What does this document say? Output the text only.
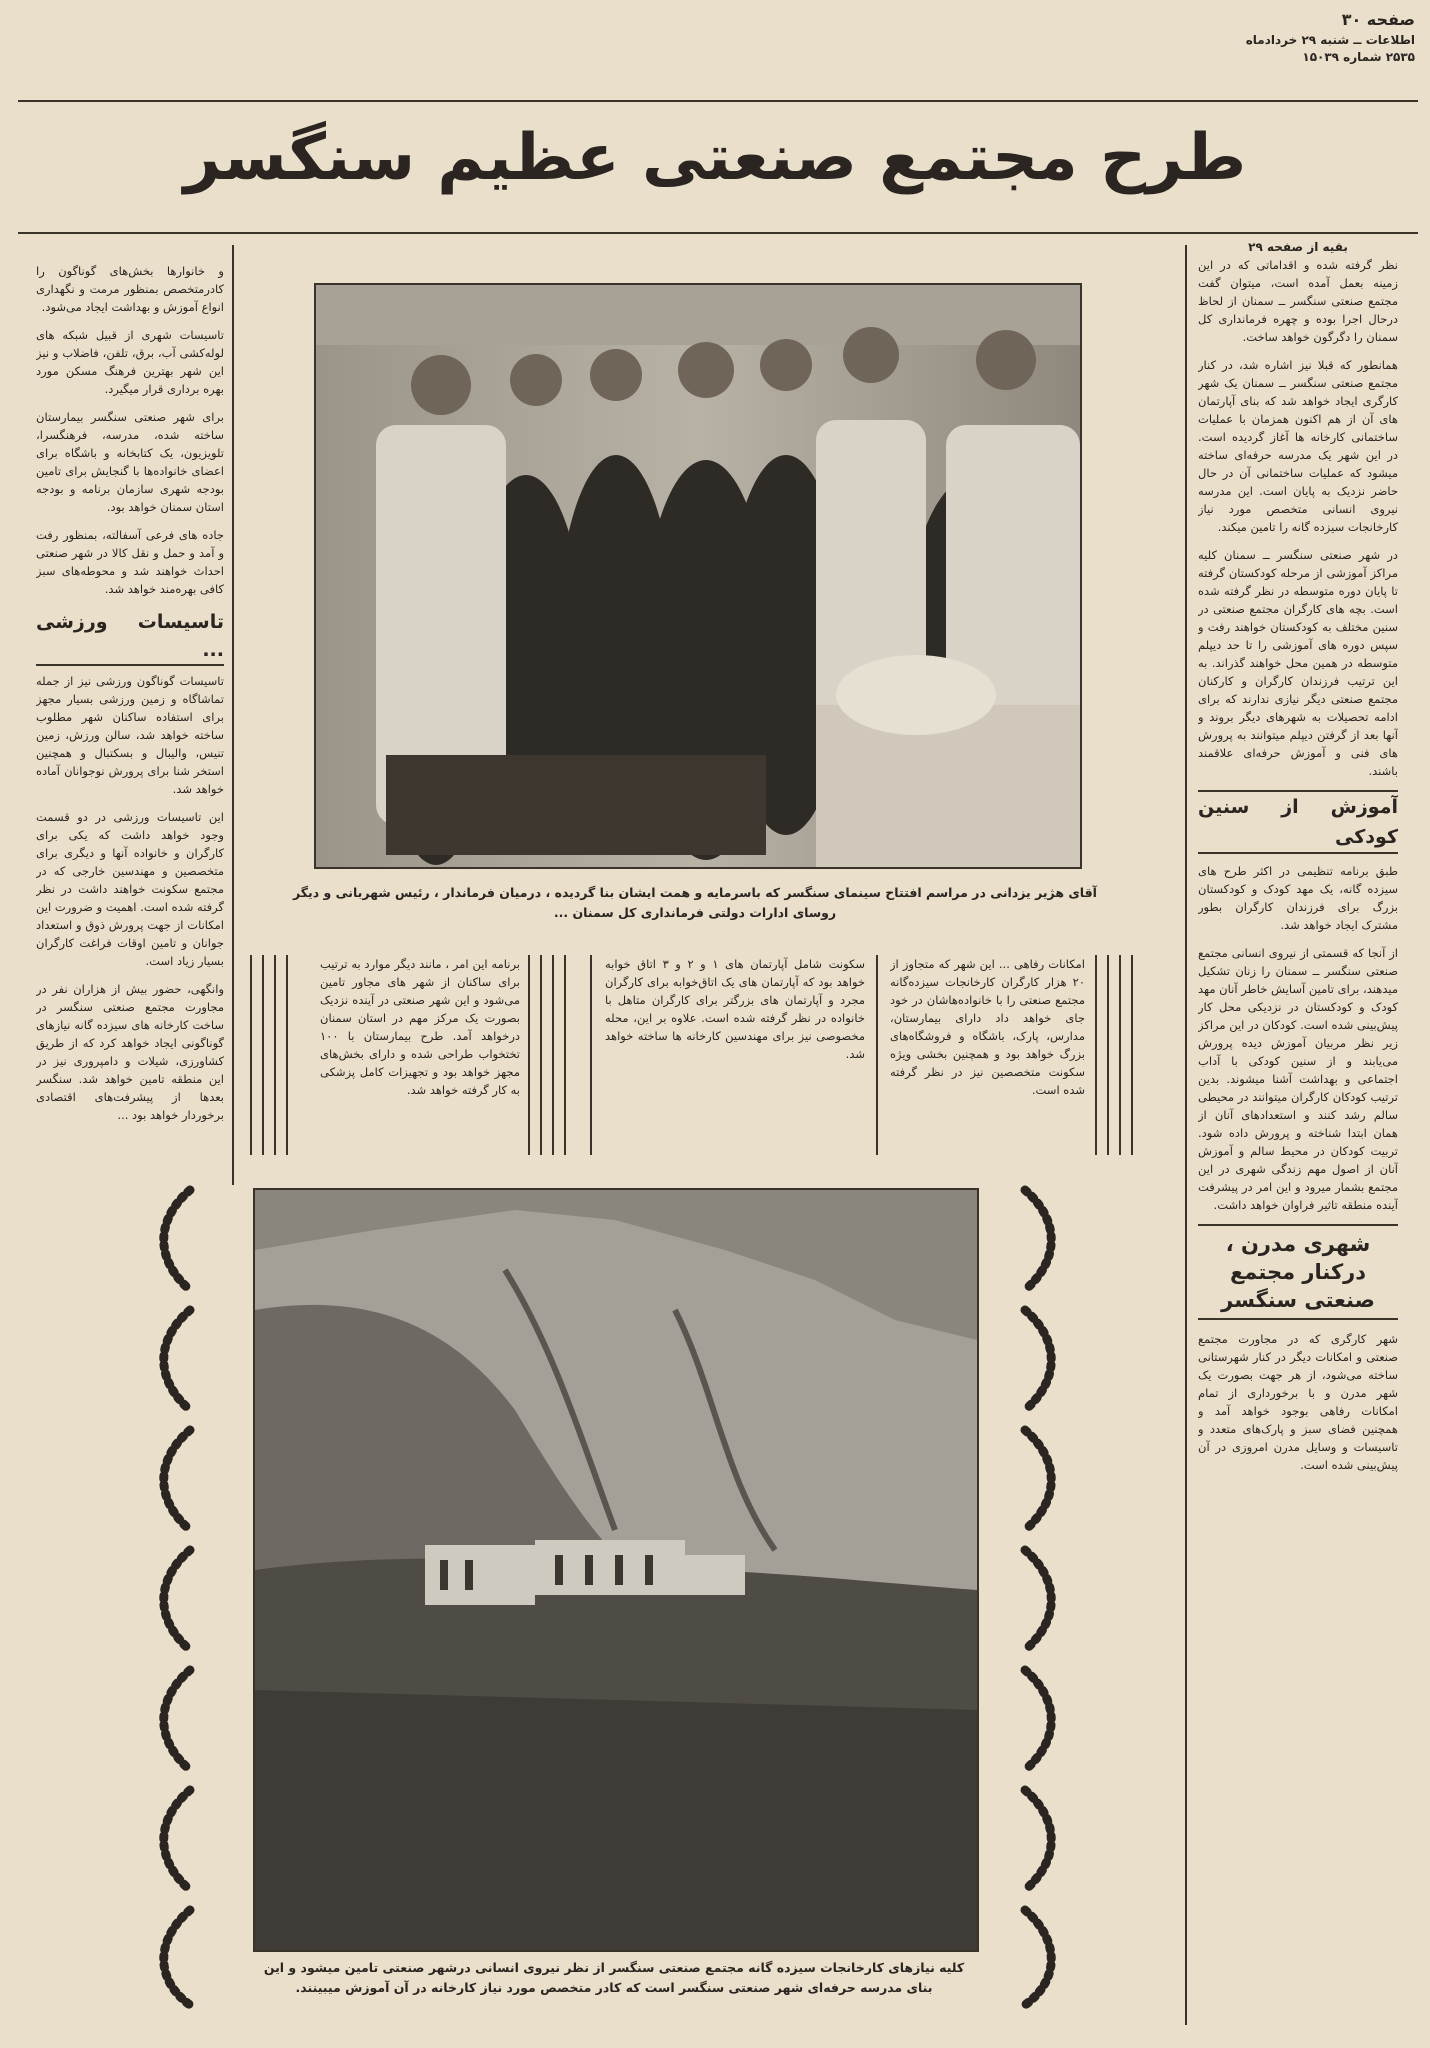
صفحه ۳۰
اطلاعات ــ شنبه ۲۹ خردادماه
۲۵۳۵ شماره ۱۵۰۳۹
طرح مجتمع صنعتی عظیم سنگسر

و خانوارها بخش‌های گوناگون را کادرمتخصص بمنظور مرمت و نگهداری انواع آموزش و بهداشت ایجاد می‌شود.

تاسیسات شهری از قبیل شبکه های لوله‌کشی آب، برق، تلفن، فاضلاب و نیز این شهر بهترین فرهنگ مسکن مورد بهره برداری قرار میگیرد.

برای شهر صنعتی سنگسر بیمارستان ساخته شده، مدرسه، فرهنگسرا، تلویزیون، یک کتابخانه و باشگاه برای اعضای خانواده‌ها با گنجایش برای تامین بودجه شهری سازمان برنامه و بودجه استان سمنان خواهد بود.

جاده های فرعی آسفالته، بمنظور رفت و آمد و حمل و نقل کالا در شهر صنعتی احداث خواهند شد و محوطه‌های سبز کافی بهره‌مند خواهد شد.

تاسیسات ورزشی ...

تاسیسات گوناگون ورزشی نیز از جمله تماشاگاه و زمین ورزشی بسیار مجهز برای استفاده ساکنان شهر مطلوب ساخته خواهد شد، سالن ورزش، زمین تنیس، والیبال و بسکتبال و همچنین استخر شنا برای پرورش نوجوانان آماده خواهد شد.

این تاسیسات ورزشی در دو قسمت وجود خواهد داشت که یکی برای کارگران و خانواده آنها و دیگری برای متخصصین و مهندسین خارجی که در مجتمع سکونت خواهند داشت در نظر گرفته شده است. اهمیت و ضرورت این امکانات از جهت پرورش ذوق و استعداد جوانان و تامین اوقات فراغت کارگران بسیار زیاد است.

وانگهی، حضور بیش از هزاران نفر در مجاورت مجتمع صنعتی سنگسر در ساخت کارخانه های سیزده گانه نیازهای گوناگونی ایجاد خواهد کرد که از طریق کشاورزی، شیلات و دامپروری نیز در این منطقه تامین خواهد شد. سنگسر بعدها از پیشرفت‌های اقتصادی برخوردار خواهد بود ...

آقای هژیر یزدانی در مراسم افتتاح سینمای سنگسر که باسرمایه و همت ایشان بنا گردیده ، درمیان فرماندار ، رئیس شهربانی و دیگر روسای ادارات دولتی فرمانداری کل سمنان ...
امکانات رفاهی ... این شهر که متجاوز از ۲۰ هزار کارگران کارخانجات سیزده‌گانه مجتمع صنعتی را با خانواده‌هاشان در خود جای خواهد داد دارای بیمارستان، مدارس، پارک، باشگاه و فروشگاه‌های بزرگ خواهد بود و همچنین بخشی ویژه سکونت متخصصین نیز در نظر گرفته شده است.
سکونت شامل آپارتمان های ۱ و ۲ و ۳ اتاق خوابه خواهد بود که آپارتمان های یک اتاق‌خوابه برای کارگران مجرد و آپارتمان های بزرگتر برای کارگران متاهل با خانواده در نظر گرفته شده است. علاوه بر این، محله مخصوصی نیز برای مهندسین کارخانه ها ساخته خواهد شد.
برنامه این امر ، مانند دیگر موارد به ترتیب برای ساکنان از شهر های مجاور تامین می‌شود و این شهر صنعتی در آینده نزدیک بصورت یک مرکز مهم در استان سمنان درخواهد آمد. طرح بیمارستان با ۱۰۰ تختخواب طراحی شده و دارای بخش‌های مجهز خواهد بود و تجهیزات کامل پزشکی به کار گرفته خواهد شد.
کلیه نیازهای کارخانجات سیزده گانه مجتمع صنعتی سنگسر از نظر نیروی انسانی درشهر صنعتی تامین میشود و این بنای مدرسه حرفه‌ای شهر صنعتی سنگسر است که کادر متخصص مورد نیاز کارخانه در آن آموزش میبینند.
بقیه از صفحه ۲۹

نظر گرفته شده و اقداماتی که در این زمینه بعمل آمده است، میتوان گفت مجتمع صنعتی سنگسر ــ سمنان از لحاظ درحال اجرا بوده و چهره فرمانداری کل سمنان را دگرگون خواهد ساخت.

همانطور که قبلا نیز اشاره شد، در کنار مجتمع صنعتی سنگسر ــ سمنان یک شهر کارگری ایجاد خواهد شد که بنای آپارتمان های آن از هم اکنون همزمان با عملیات ساختمانی کارخانه ها آغاز گردیده است. در این شهر یک مدرسه حرفه‌ای ساخته میشود که عملیات ساختمانی آن در حال حاضر نزدیک به پایان است. این مدرسه نیروی انسانی متخصص مورد نیاز کارخانجات سیزده گانه را تامین میکند.

در شهر صنعتی سنگسر ــ سمنان کلیه مراکز آموزشی از مرحله کودکستان گرفته تا پایان دوره متوسطه در نظر گرفته شده است. بچه های کارگران مجتمع صنعتی در سنین مختلف به کودکستان خواهند رفت و سپس دوره های آموزشی را تا حد دیپلم متوسطه در همین محل خواهند گذراند. به این ترتیب فرزندان کارگران و کارکنان مجتمع صنعتی دیگر نیازی ندارند که برای ادامه تحصیلات به شهرهای دیگر بروند و آنها بعد از گرفتن دیپلم میتوانند به پرورش های فنی و آموزش حرفه‌ای علاقمند باشند.

آموزش از سنین کودکی

طبق برنامه تنظیمی در اکثر طرح های سیزده گانه، یک مهد کودک و کودکستان بزرگ برای فرزندان کارگران بطور مشترک ایجاد خواهد شد.

از آنجا که قسمتی از نیروی انسانی مجتمع صنعتی سنگسر ــ سمنان را زنان تشکیل میدهند، برای تامین آسایش خاطر آنان مهد کودک و کودکستان در نزدیکی محل کار پیش‌بینی شده است. کودکان در این مراکز زیر نظر مربیان آموزش دیده پرورش می‌یابند و از سنین کودکی با آداب اجتماعی و بهداشت آشنا میشوند. بدین ترتیب کودکان کارگران میتوانند در محیطی سالم رشد کنند و استعدادهای آنان از همان ابتدا شناخته و پرورش داده شود. تربیت کودکان در محیط سالم و آموزش آنان از اصول مهم زندگی شهری در این مجتمع بشمار میرود و این امر در پیشرفت آینده منطقه تاثیر فراوان خواهد داشت.

شهری مدرن ، درکنار مجتمع صنعتی سنگسر

شهر کارگری که در مجاورت مجتمع صنعتی و امکانات دیگر در کنار شهرستانی ساخته می‌شود، از هر جهت بصورت یک شهر مدرن و با برخورداری از تمام امکانات رفاهی بوجود خواهد آمد و همچنین فضای سبز و پارک‌های متعدد و تاسیسات و وسایل مدرن امروزی در آن پیش‌بینی شده است.
